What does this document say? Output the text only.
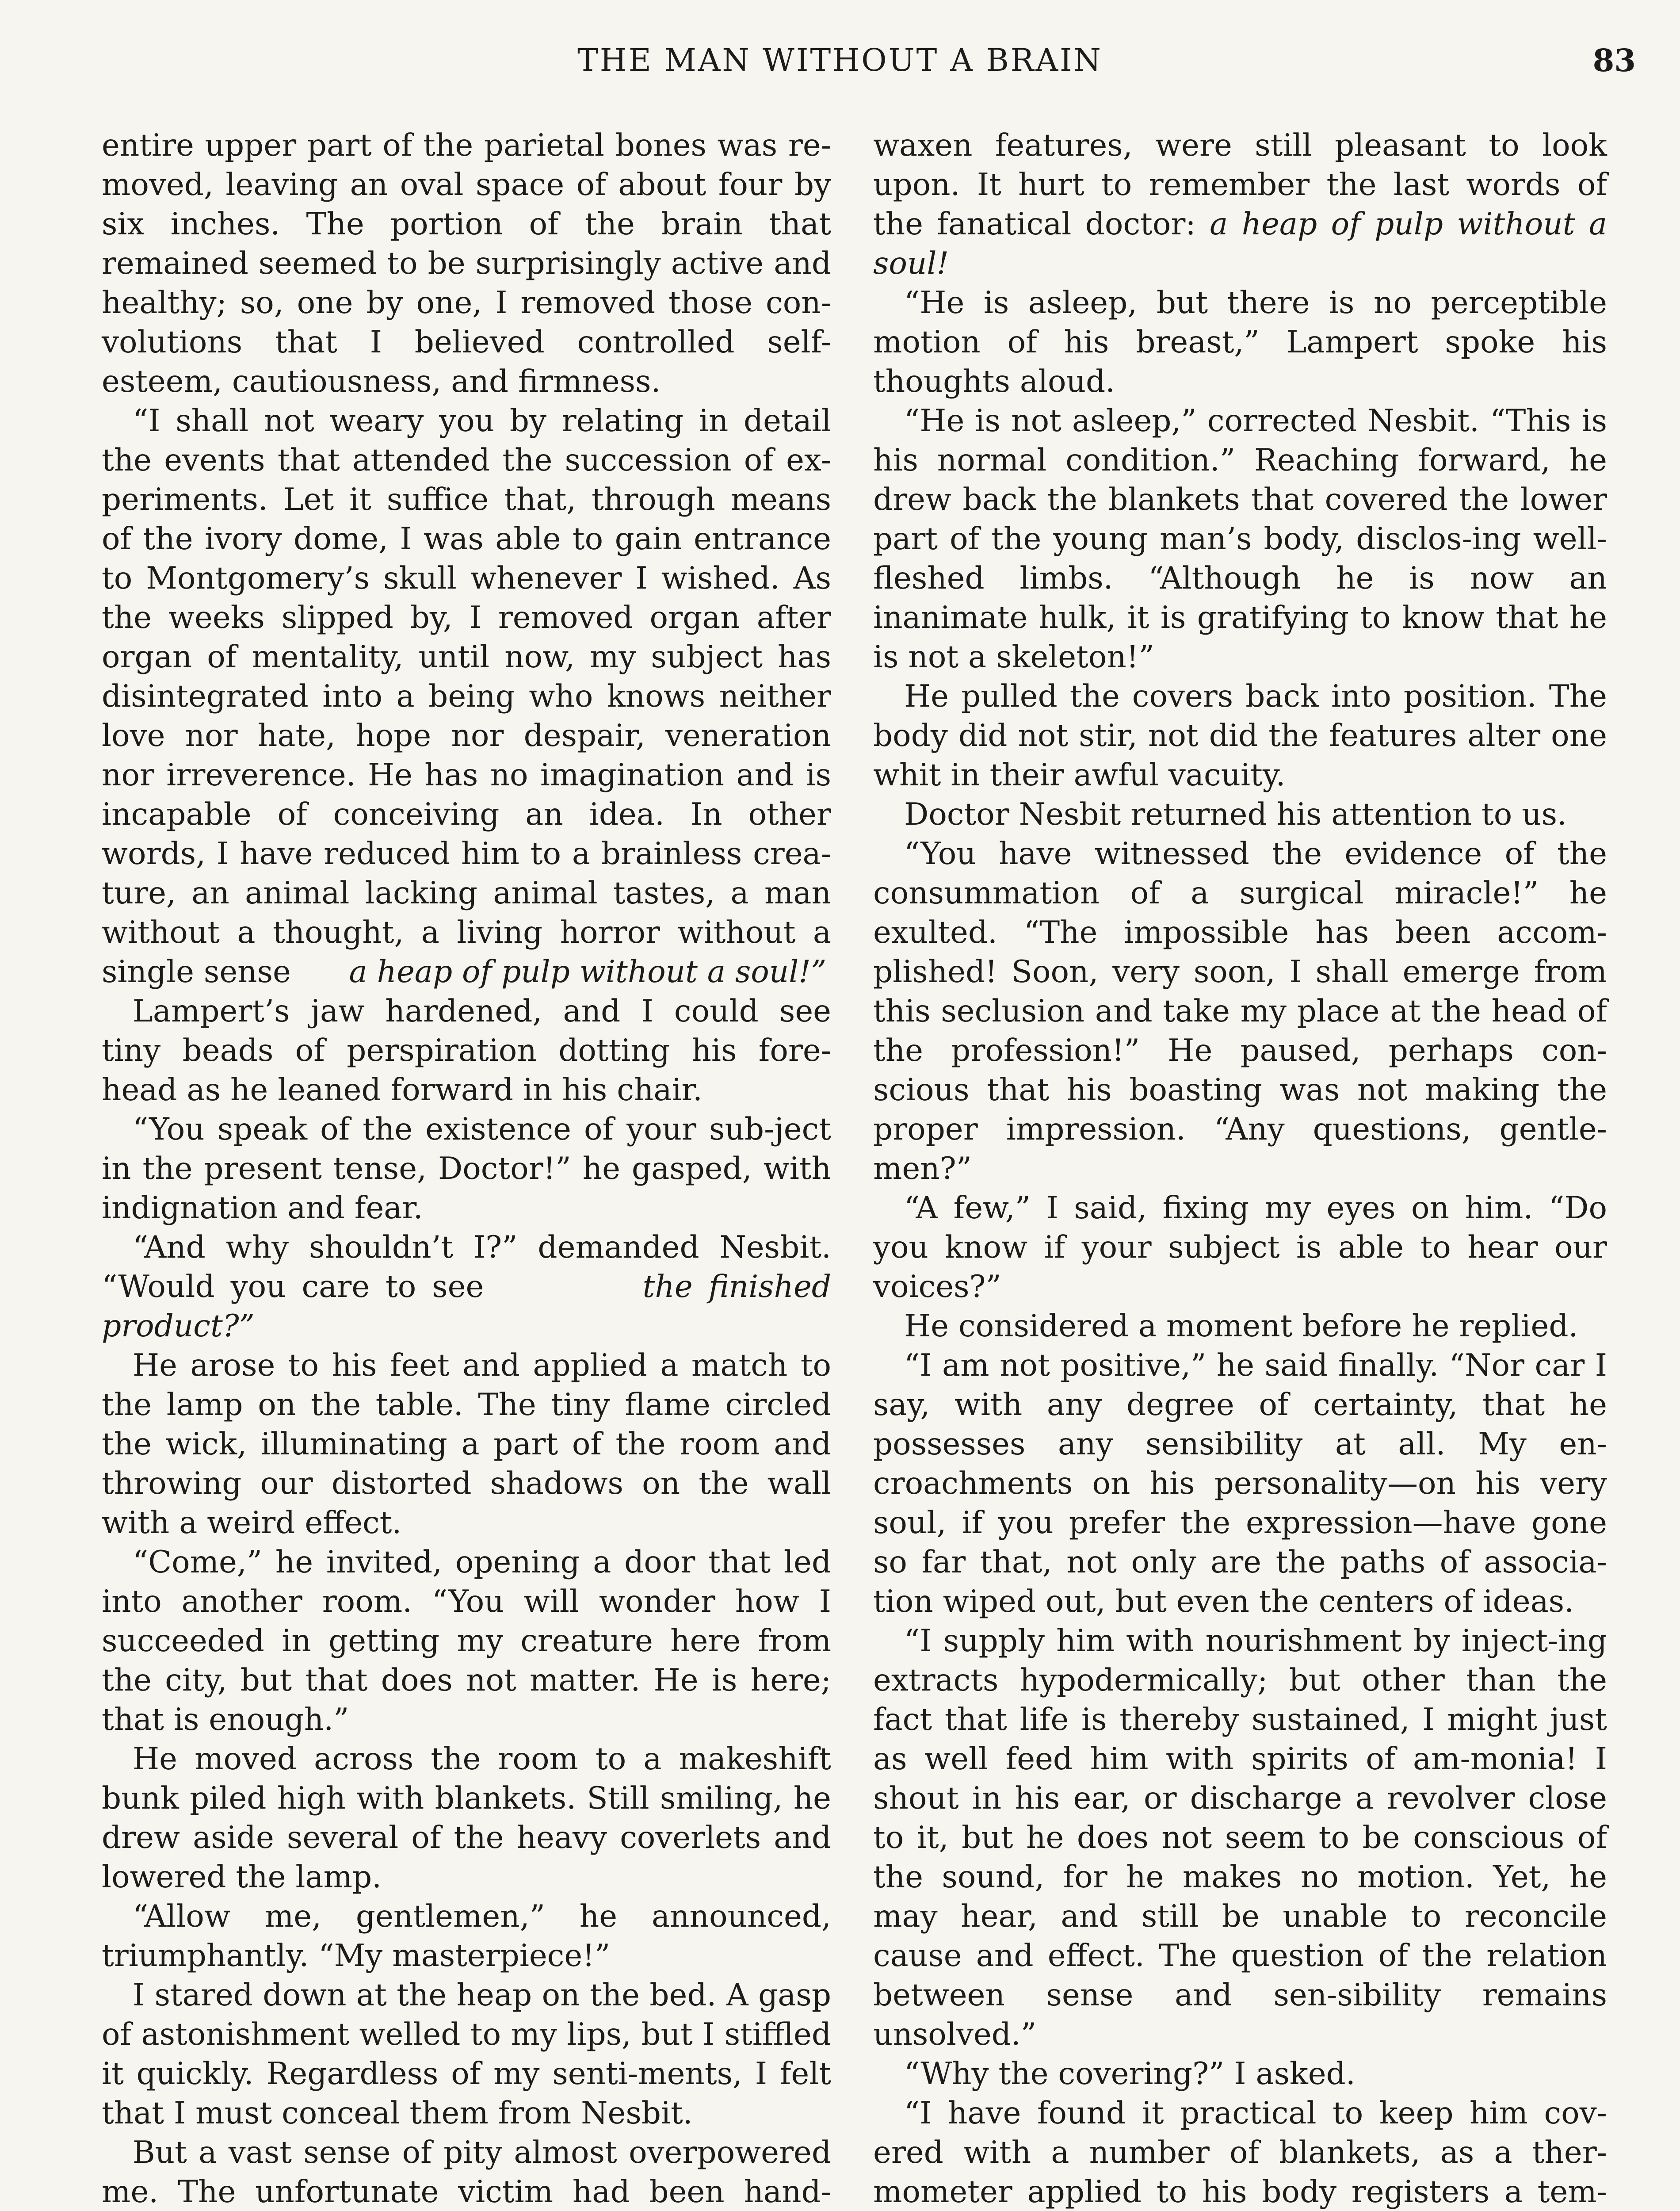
THE MAN WITHOUT A BRAIN	83

entire upper part of the parietal bones was re-moved, leaving an oval space of about four by six inches. The portion of the brain that remained seemed to be surprisingly active and healthy; so, one by one, I removed those con-volutions that I believed controlled self-esteem, cautiousness, and firmness.

“I shall not weary you by relating in detail the events that attended the succession of ex-periments. Let it suffice that, through means of the ivory dome, I was able to gain entrance to Montgomery’s skull whenever I wished. As the weeks slipped by, I removed organ after organ of mentality, until now, my subject has disintegrated into a being who knows neither love nor hate, hope nor despair, veneration nor irreverence. He has no imagination and is incapable of conceiving an idea. In other words, I have reduced him to a brainless crea-ture, an animal lacking animal tastes, a man without a thought, a living horror without a single sense a heap of pulp without a soul!”

Lampert’s jaw hardened, and I could see tiny beads of perspiration dotting his fore-head as he leaned forward in his chair.

“You speak of the existence of your sub-ject in the present tense, Doctor!” he gasped, with indignation and fear.

“And why shouldn’t I?” demanded Nesbit. “Would you care to see	the finished product?”

He arose to his feet and applied a match to the lamp on the table. The tiny flame circled the wick, illuminating a part of the room and throwing our distorted shadows on the wall with a weird effect.

“Come,” he invited, opening a door that led into another room. “You will wonder how I succeeded in getting my creature here from the city, but that does not matter. He is here; that is enough.”

He moved across the room to a makeshift bunk piled high with blankets. Still smiling, he drew aside several of the heavy coverlets and lowered the lamp.

“Allow me, gentlemen,” he announced, triumphantly. “My masterpiece!”

I stared down at the heap on the bed. A gasp of astonishment welled to my lips, but I stiffled it quickly. Regardless of my senti-ments, I felt that I must conceal them from Nesbit.

But a vast sense of pity almost overpowered me. The unfortunate victim had been hand-

waxen features, were still pleasant to look upon. It hurt to remember the last words of the fanatical doctor: a heap of pulp without a soul!

“He is asleep, but there is no perceptible motion of his breast,” Lampert spoke his thoughts aloud.

“He is not asleep,” corrected Nesbit. “This is his normal condition.” Reaching forward, he drew back the blankets that covered the lower part of the young man’s body, disclos-ing well-fleshed limbs. “Although he is now an inanimate hulk, it is gratifying to know that he is not a skeleton!”

He pulled the covers back into position. The body did not stir, not did the features alter one whit in their awful vacuity.

Doctor Nesbit returned his attention to us.

“You have witnessed the evidence of the consummation of a surgical miracle!” he exulted. “The impossible has been accom-plished! Soon, very soon, I shall emerge from this seclusion and take my place at the head of the profession!” He paused, perhaps con-scious that his boasting was not making the proper impression. “Any questions, gentle-men?”

“A few,” I said, fixing my eyes on him. “Do you know if your subject is able to hear our voices?”

He considered a moment before he replied.

“I am not positive,” he said finally. “Nor car I say, with any degree of certainty, that he possesses any sensibility at all. My en-croachments on his personality—on his very soul, if you prefer the expression—have gone so far that, not only are the paths of associa-tion wiped out, but even the centers of ideas.

“I supply him with nourishment by inject-ing extracts hypodermically; but other than the fact that life is thereby sustained, I might just as well feed him with spirits of am-monia! I shout in his ear, or discharge a revolver close to it, but he does not seem to be conscious of the sound, for he makes no motion. Yet, he may hear, and still be unable to reconcile cause and effect. The question of the relation between sense and sen-sibility remains unsolved.”

“Why the covering?” I asked.

“I have found it practical to keep him cov-ered with a number of blankets, as a ther-mometer applied to his body registers a tem-
